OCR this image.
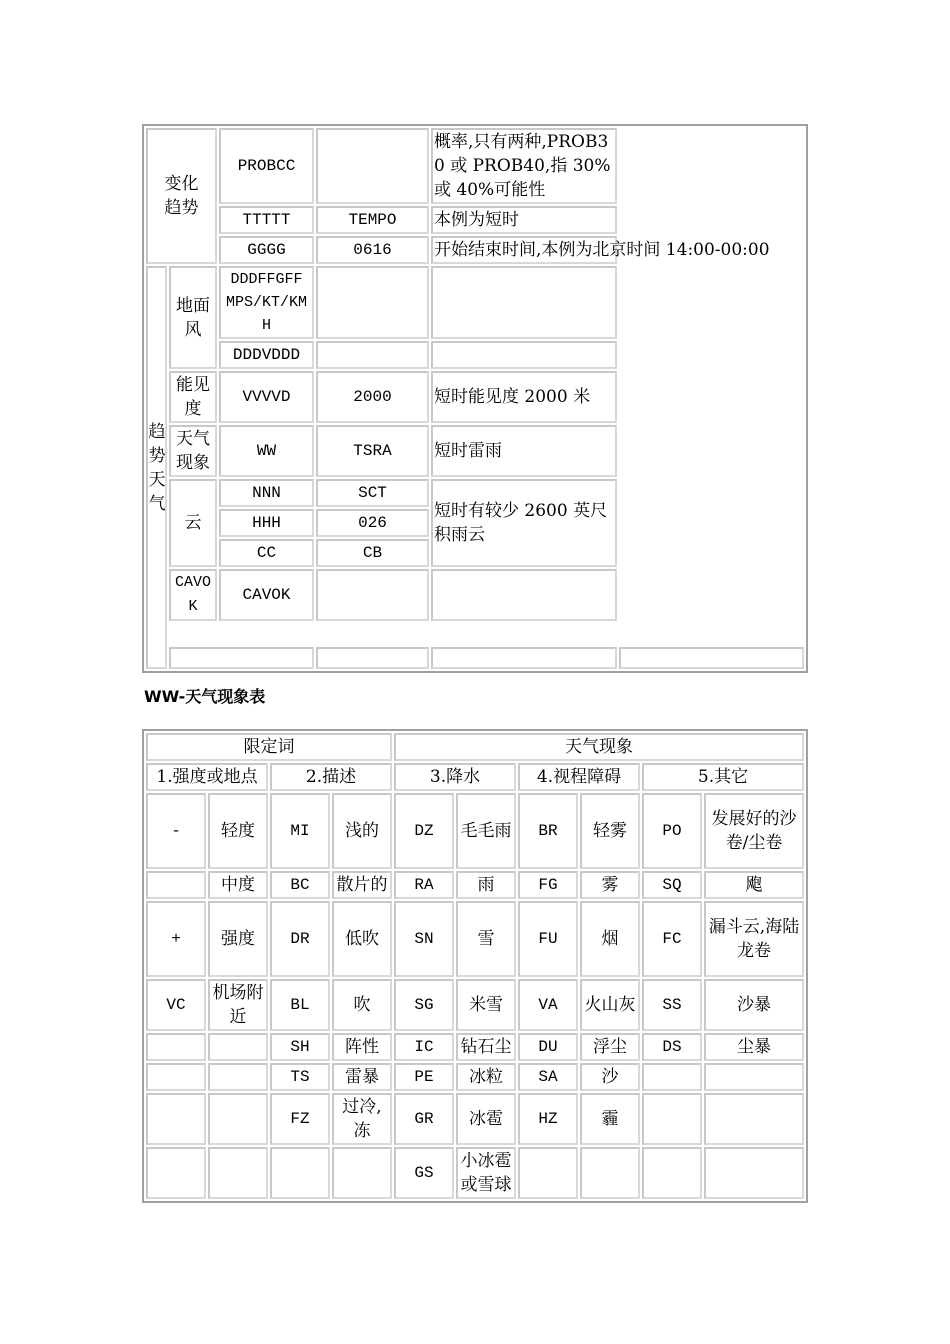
变化趋势		PROBCC		概率,只有两种,PROB30 或 PROB40,指 30%或 40%可能性	
		TTTTT	TEMPO	本例为短时	
		GGGG	0616	开始结束时间,本例为北京时间 14:00-00:00	

趋势天气	地面风	DDDFFGFF MPS/KT/KMH			
		DDDVDDD			
	能见度	VVVVD	2000	短时能见度 2000 米	
	天气现象	WW	TSRA	短时雷雨	
	云	NNN	SCT	短时有较少 2600 英尺积雨云	
		HHH	026		
		CC	CB		
	CAVOK	CAVOK			

WW-天气现象表
限定词				天气现象					
1.强度或地点		2.描述		3.降水		4.视程障碍		5.其它	
-	轻度	MI	浅的	DZ	毛毛雨	BR	轻雾	PO	发展好的沙卷/尘卷
	中度	BC	散片的	RA	雨	FG	雾	SQ	飑
+	强度	DR	低吹	SN	雪	FU	烟	FC	漏斗云,海陆龙卷
VC	机场附近	BL	吹	SG	米雪	VA	火山灰	SS	沙暴
		SH	阵性	IC	钻石尘	DU	浮尘	DS	尘暴
		TS	雷暴	PE	冰粒	SA	沙		
		FZ	过冷,冻	GR	冰雹	HZ	霾		
				GS	小冰雹或雪球				
